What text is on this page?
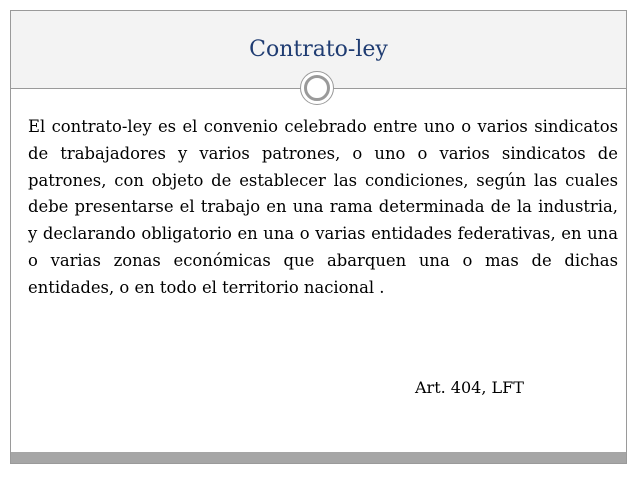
Contrato-ley

El contrato-ley es el convenio celebrado entre uno o varios sindicatos de trabajadores y varios patrones, o uno o varios sindicatos de patrones, con objeto de establecer las condiciones, según las cuales debe presentarse el trabajo en una rama determinada de la industria, y declarando obligatorio en una o varias entidades federativas, en una o varias zonas económicas que abarquen una o mas de dichas entidades, o en todo el territorio nacional .

Art. 404, LFT
